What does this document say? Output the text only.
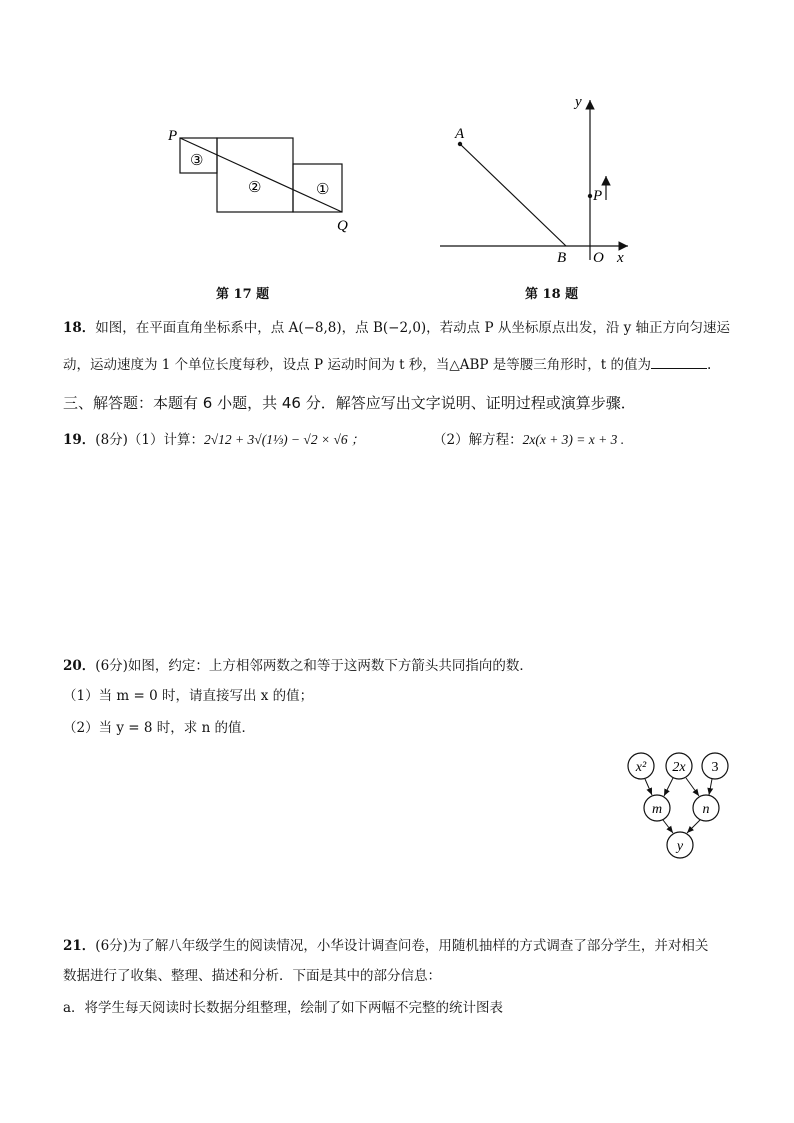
P
Q
③
②	①
第 17 题
A
B O x
y
P
第 18 题
18．如图，在平面直角坐标系中，点 A(−8,8)，点 B(−2,0)，若动点 P 从坐标原点出发，沿 y 轴正方向匀速运
动，运动速度为 1 个单位长度每秒，设点 P 运动时间为 t 秒，当△ABP 是等腰三角形时，t 的值为	.
三、解答题：本题有 6 小题，共 46 分．解答应写出文字说明、证明过程或演算步骤．
19．(8分)（1）计算：2√12 + 3√(1⅓) − √2 × √6 ；	（2）解方程：2x(x + 3) = x + 3 .
20．(6分)如图，约定：上方相邻两数之和等于这两数下方箭头共同指向的数．
（1）当 m = 0 时，请直接写出 x 的值；
（2）当 y = 8 时，求 n 的值．
x² 2x 3
m	n
y
21．(6分)为了解八年级学生的阅读情况，小华设计调查问卷，用随机抽样的方式调查了部分学生，并对相关
数据进行了收集、整理、描述和分析．下面是其中的部分信息：
a．将学生每天阅读时长数据分组整理，绘制了如下两幅不完整的统计图表
